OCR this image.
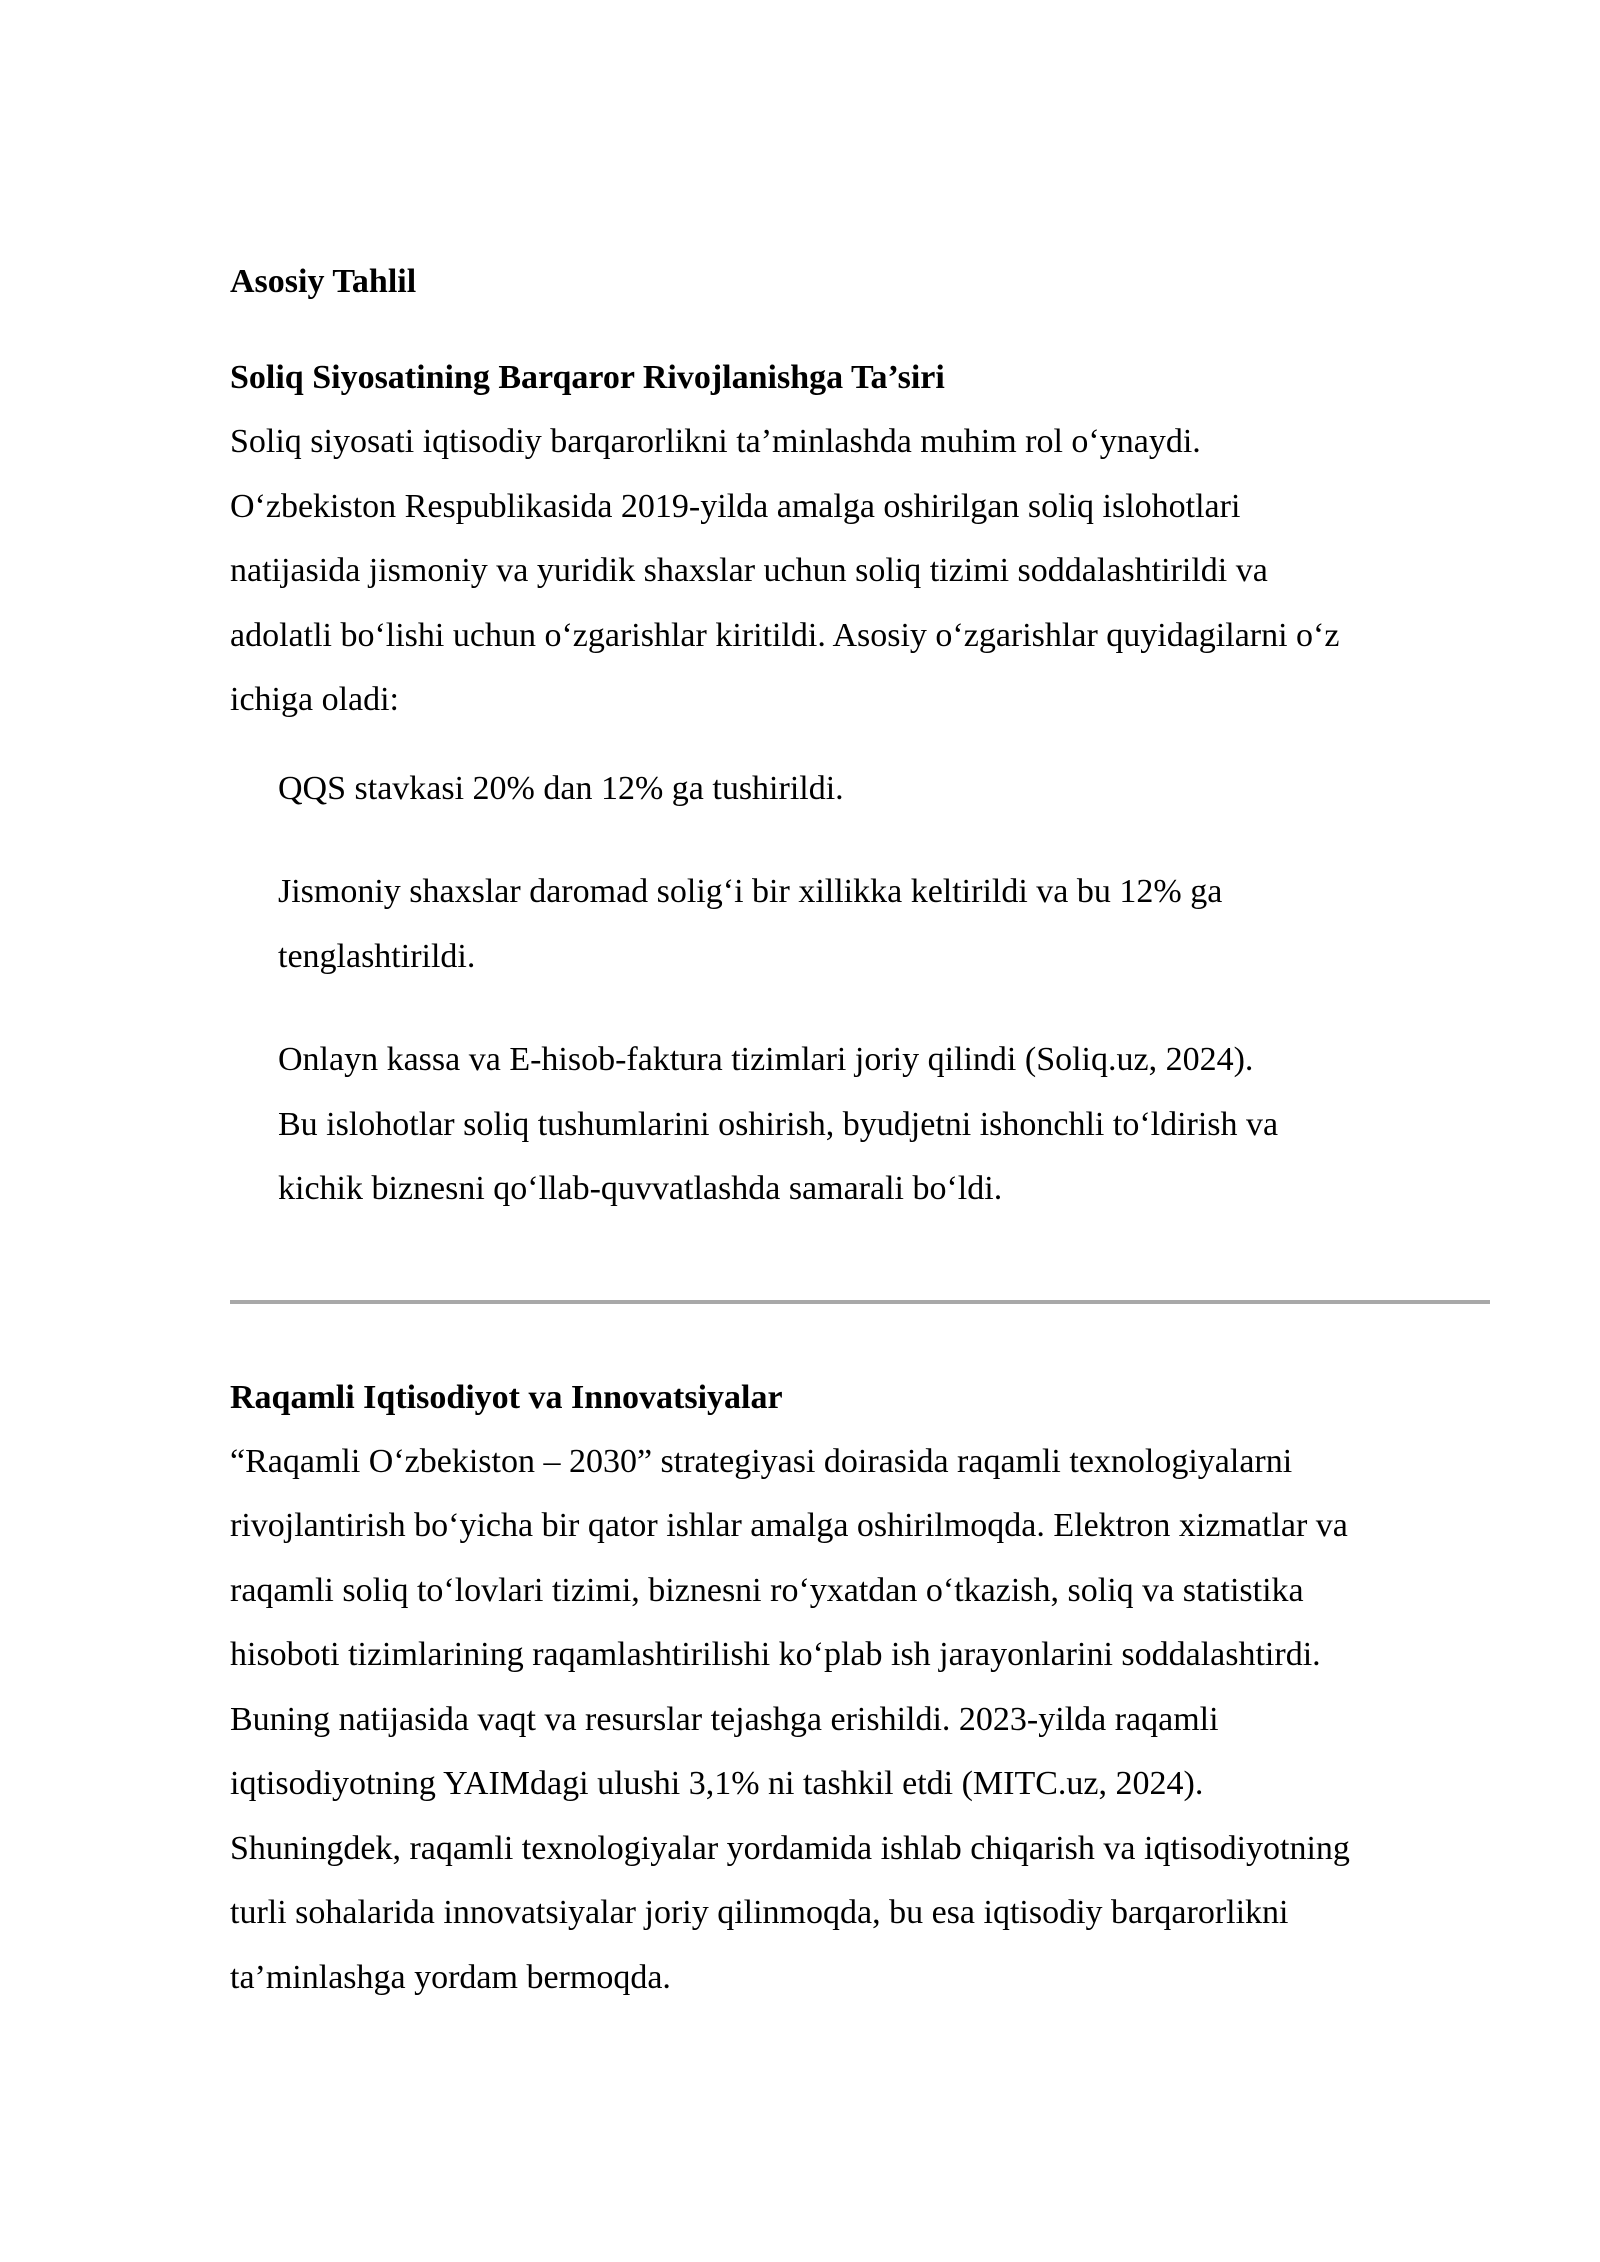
Asosiy Tahlil
Soliq Siyosatining Barqaror Rivojlanishga Ta’siri

Soliq siyosati iqtisodiy barqarorlikni ta’minlashda muhim rol o‘ynaydi.
O‘zbekiston Respublikasida 2019-yilda amalga oshirilgan soliq islohotlari
natijasida jismoniy va yuridik shaxslar uchun soliq tizimi soddalashtirildi va
adolatli bo‘lishi uchun o‘zgarishlar kiritildi. Asosiy o‘zgarishlar quyidagilarni o‘z
ichiga oladi:

QQS stavkasi 20% dan 12% ga tushirildi.
Jismoniy shaxslar daromad solig‘i bir xillikka keltirildi va bu 12% ga
tenglashtirildi.
Onlayn kassa va E-hisob-faktura tizimlari joriy qilindi (Soliq.uz, 2024).
Bu islohotlar soliq tushumlarini oshirish, byudjetni ishonchli to‘ldirish va
kichik biznesni qo‘llab-quvvatlashda samarali bo‘ldi.
Raqamli Iqtisodiyot va Innovatsiyalar

“Raqamli O‘zbekiston – 2030” strategiyasi doirasida raqamli texnologiyalarni
rivojlantirish bo‘yicha bir qator ishlar amalga oshirilmoqda. Elektron xizmatlar va
raqamli soliq to‘lovlari tizimi, biznesni ro‘yxatdan o‘tkazish, soliq va statistika
hisoboti tizimlarining raqamlashtirilishi ko‘plab ish jarayonlarini soddalashtirdi.
Buning natijasida vaqt va resurslar tejashga erishildi. 2023-yilda raqamli
iqtisodiyotning YAIMdagi ulushi 3,1% ni tashkil etdi (MITC.uz, 2024).
Shuningdek, raqamli texnologiyalar yordamida ishlab chiqarish va iqtisodiyotning
turli sohalarida innovatsiyalar joriy qilinmoqda, bu esa iqtisodiy barqarorlikni
ta’minlashga yordam bermoqda.
